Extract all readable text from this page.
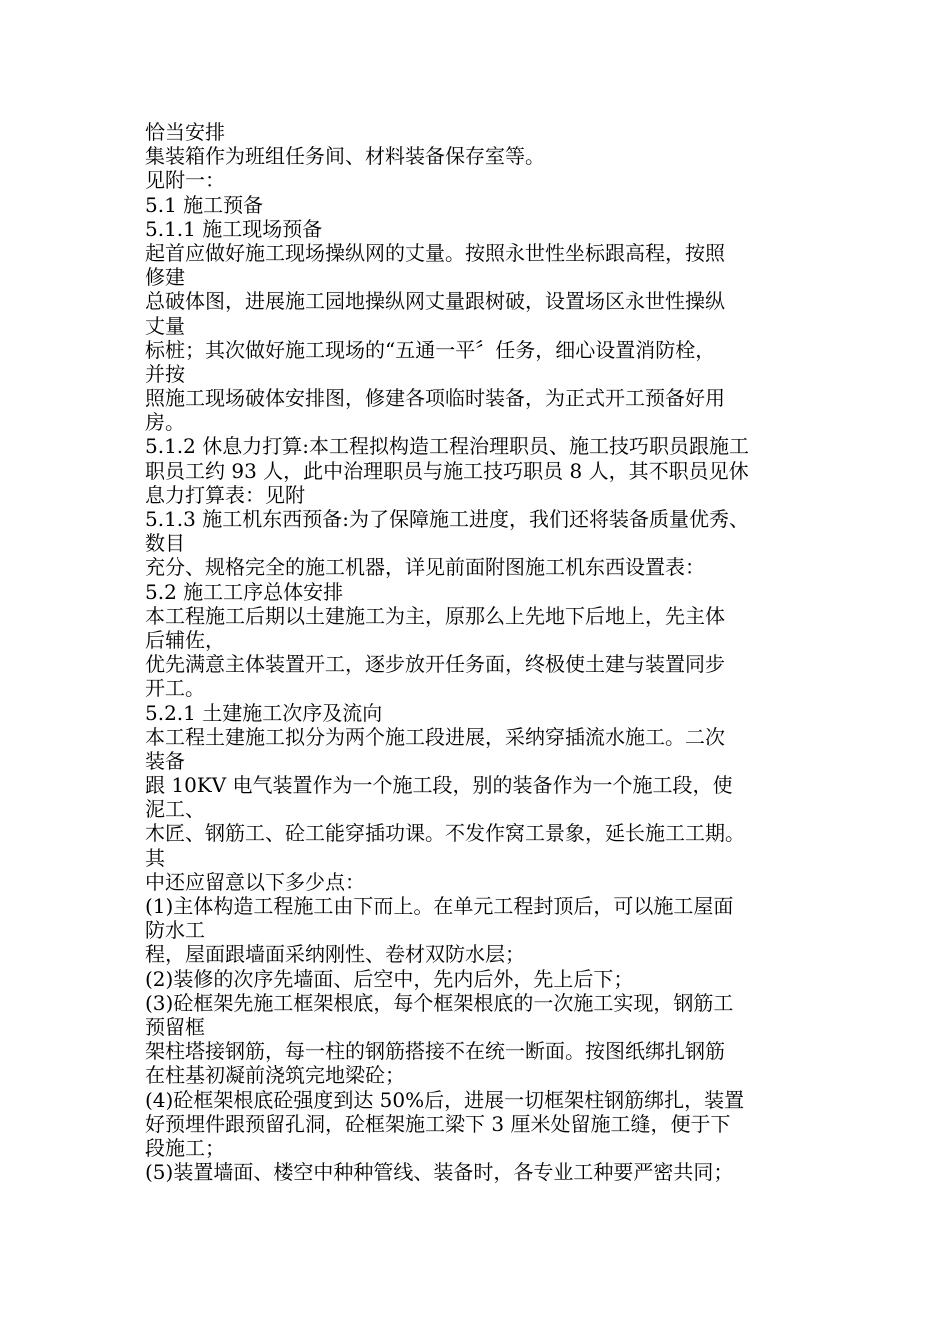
恰当安排
集装箱作为班组任务间、材料装备保存室等。
见附一：
5.1 施工预备
5.1.1 施工现场预备
起首应做好施工现场操纵网的丈量。按照永世性坐标跟高程，按照
修建
总破体图，进展施工园地操纵网丈量跟树破，设置场区永世性操纵
丈量
标桩；其次做好施工现场的“五通一平〞任务，细心设置消防栓，
并按
照施工现场破体安排图，修建各项临时装备，为正式开工预备好用
房。
5.1.2 休息力打算:本工程拟构造工程治理职员、施工技巧职员跟施工
职员工约 93 人，此中治理职员与施工技巧职员 8 人，其不职员见休
息力打算表：见附
5.1.3 施工机东西预备:为了保障施工进度，我们还将装备质量优秀、
数目
充分、规格完全的施工机器，详见前面附图施工机东西设置表：
5.2 施工工序总体安排
本工程施工后期以土建施工为主，原那么上先地下后地上，先主体
后辅佐，
优先满意主体装置开工，逐步放开任务面，终极使土建与装置同步
开工。
5.2.1 土建施工次序及流向
本工程土建施工拟分为两个施工段进展，采纳穿插流水施工。二次
装备
跟 10KV 电气装置作为一个施工段，别的装备作为一个施工段，使
泥工、
木匠、钢筋工、砼工能穿插功课。不发作窝工景象，延长施工工期。
其
中还应留意以下多少点：
(1)主体构造工程施工由下而上。在单元工程封顶后，可以施工屋面
防水工
程，屋面跟墙面采纳刚性、卷材双防水层；
(2)装修的次序先墙面、后空中，先内后外，先上后下；
(3)砼框架先施工框架根底，每个框架根底的一次施工实现，钢筋工
预留框
架柱塔接钢筋，每一柱的钢筋搭接不在统一断面。按图纸绑扎钢筋
在柱基初凝前浇筑完地梁砼；
(4)砼框架根底砼强度到达 50%后，进展一切框架柱钢筋绑扎，装置
好预埋件跟预留孔洞，砼框架施工梁下 3 厘米处留施工缝，便于下
段施工；
(5)装置墙面、楼空中种种管线、装备时，各专业工种要严密共同；
